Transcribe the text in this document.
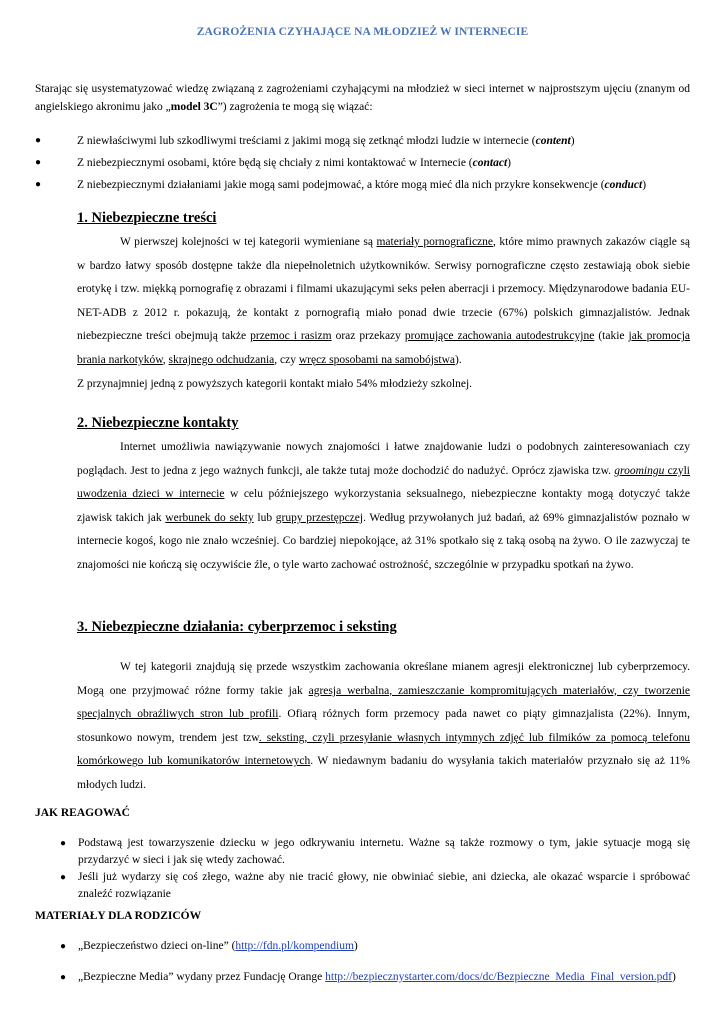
ZAGROŻENIA CZYHAJĄCE NA MŁODZIEŻ W INTERNECIE
Starając się usystematyzować wiedzę związaną z zagrożeniami czyhającymi na młodzież w sieci internet w najprostszym ujęciu (znanym od angielskiego akronimu jako „model 3C”) zagrożenia te mogą się wiązać:
●	Z niewłaściwymi lub szkodliwymi treściami z jakimi mogą się zetknąć młodzi ludzie w internecie (content)
●	Z niebezpiecznymi osobami, które będą się chciały z nimi kontaktować w Internecie (contact)
●	Z niebezpiecznymi działaniami jakie mogą sami podejmować, a które mogą mieć dla nich przykre konsekwencje (conduct)
1. Niebezpieczne treści

W pierwszej kolejności w tej kategorii wymieniane są materiały pornograficzne, które mimo prawnych zakazów ciągle są w bardzo łatwy sposób dostępne także dla niepełnoletnich użytkowników. Serwisy pornograficzne często zestawiają obok siebie erotykę i tzw. miękką pornografię z obrazami i filmami ukazującymi seks pełen aberracji i przemocy. Międzynarodowe badania EU-NET-ADB z 2012 r. pokazują, że kontakt z pornografią miało ponad dwie trzecie (67%) polskich gimnazjalistów. Jednak niebezpieczne treści obejmują także przemoc i rasizm oraz przekazy promujące zachowania autodestrukcyjne (takie jak promocja brania narkotyków, skrajnego odchudzania, czy wręcz sposobami na samobójstwa).
Z przynajmniej jedną z powyższych kategorii kontakt miało 54% młodzieży szkolnej.

2. Niebezpieczne kontakty

Internet umożliwia nawiązywanie nowych znajomości i łatwe znajdowanie ludzi o podobnych zainteresowaniach czy poglądach. Jest to jedna z jego ważnych funkcji, ale także tutaj może dochodzić do nadużyć. Oprócz zjawiska tzw. groomingu czyli uwodzenia dzieci w internecie w celu późniejszego wykorzystania seksualnego, niebezpieczne kontakty mogą dotyczyć także zjawisk takich jak werbunek do sekty lub grupy przestępczej. Według przywołanych już badań, aż 69% gimnazjalistów poznało w internecie kogoś, kogo nie znało wcześniej. Co bardziej niepokojące, aż 31% spotkało się z taką osobą na żywo. O ile zazwyczaj te znajomości nie kończą się oczywiście źle, o tyle warto zachować ostrożność, szczególnie w przypadku spotkań na żywo.

3. Niebezpieczne działania: cyberprzemoc i seksting

W tej kategorii znajdują się przede wszystkim zachowania określane mianem agresji elektronicznej lub cyberprzemocy. Mogą one przyjmować różne formy takie jak agresja werbalna, zamieszczanie kompromitujących materiałów, czy tworzenie specjalnych obraźliwych stron lub profili. Ofiarą różnych form przemocy pada nawet co piąty gimnazjalista (22%). Innym, stosunkowo nowym, trendem jest tzw. seksting, czyli przesyłanie własnych intymnych zdjęć lub filmików za pomocą telefonu komórkowego lub komunikatorów internetowych. W niedawnym badaniu do wysyłania takich materiałów przyznało się aż 11% młodych ludzi.

JAK REAGOWAĆ
● Podstawą jest towarzyszenie dziecku w jego odkrywaniu internetu. Ważne są także rozmowy o tym, jakie sytuacje mogą się przydarzyć w sieci i jak się wtedy zachować.
● Jeśli już wydarzy się coś złego, ważne aby nie tracić głowy, nie obwiniać siebie, ani dziecka, ale okazać wsparcie i spróbować znaleźć rozwiązanie
MATERIAŁY DLA RODZICÓW
● „Bezpieczeństwo dzieci on-line” (http://fdn.pl/kompendium)
● „Bezpieczne Media” wydany przez Fundację Orange http://bezpiecznystarter.com/docs/dc/Bezpieczne_Media_Final_version.pdf)
